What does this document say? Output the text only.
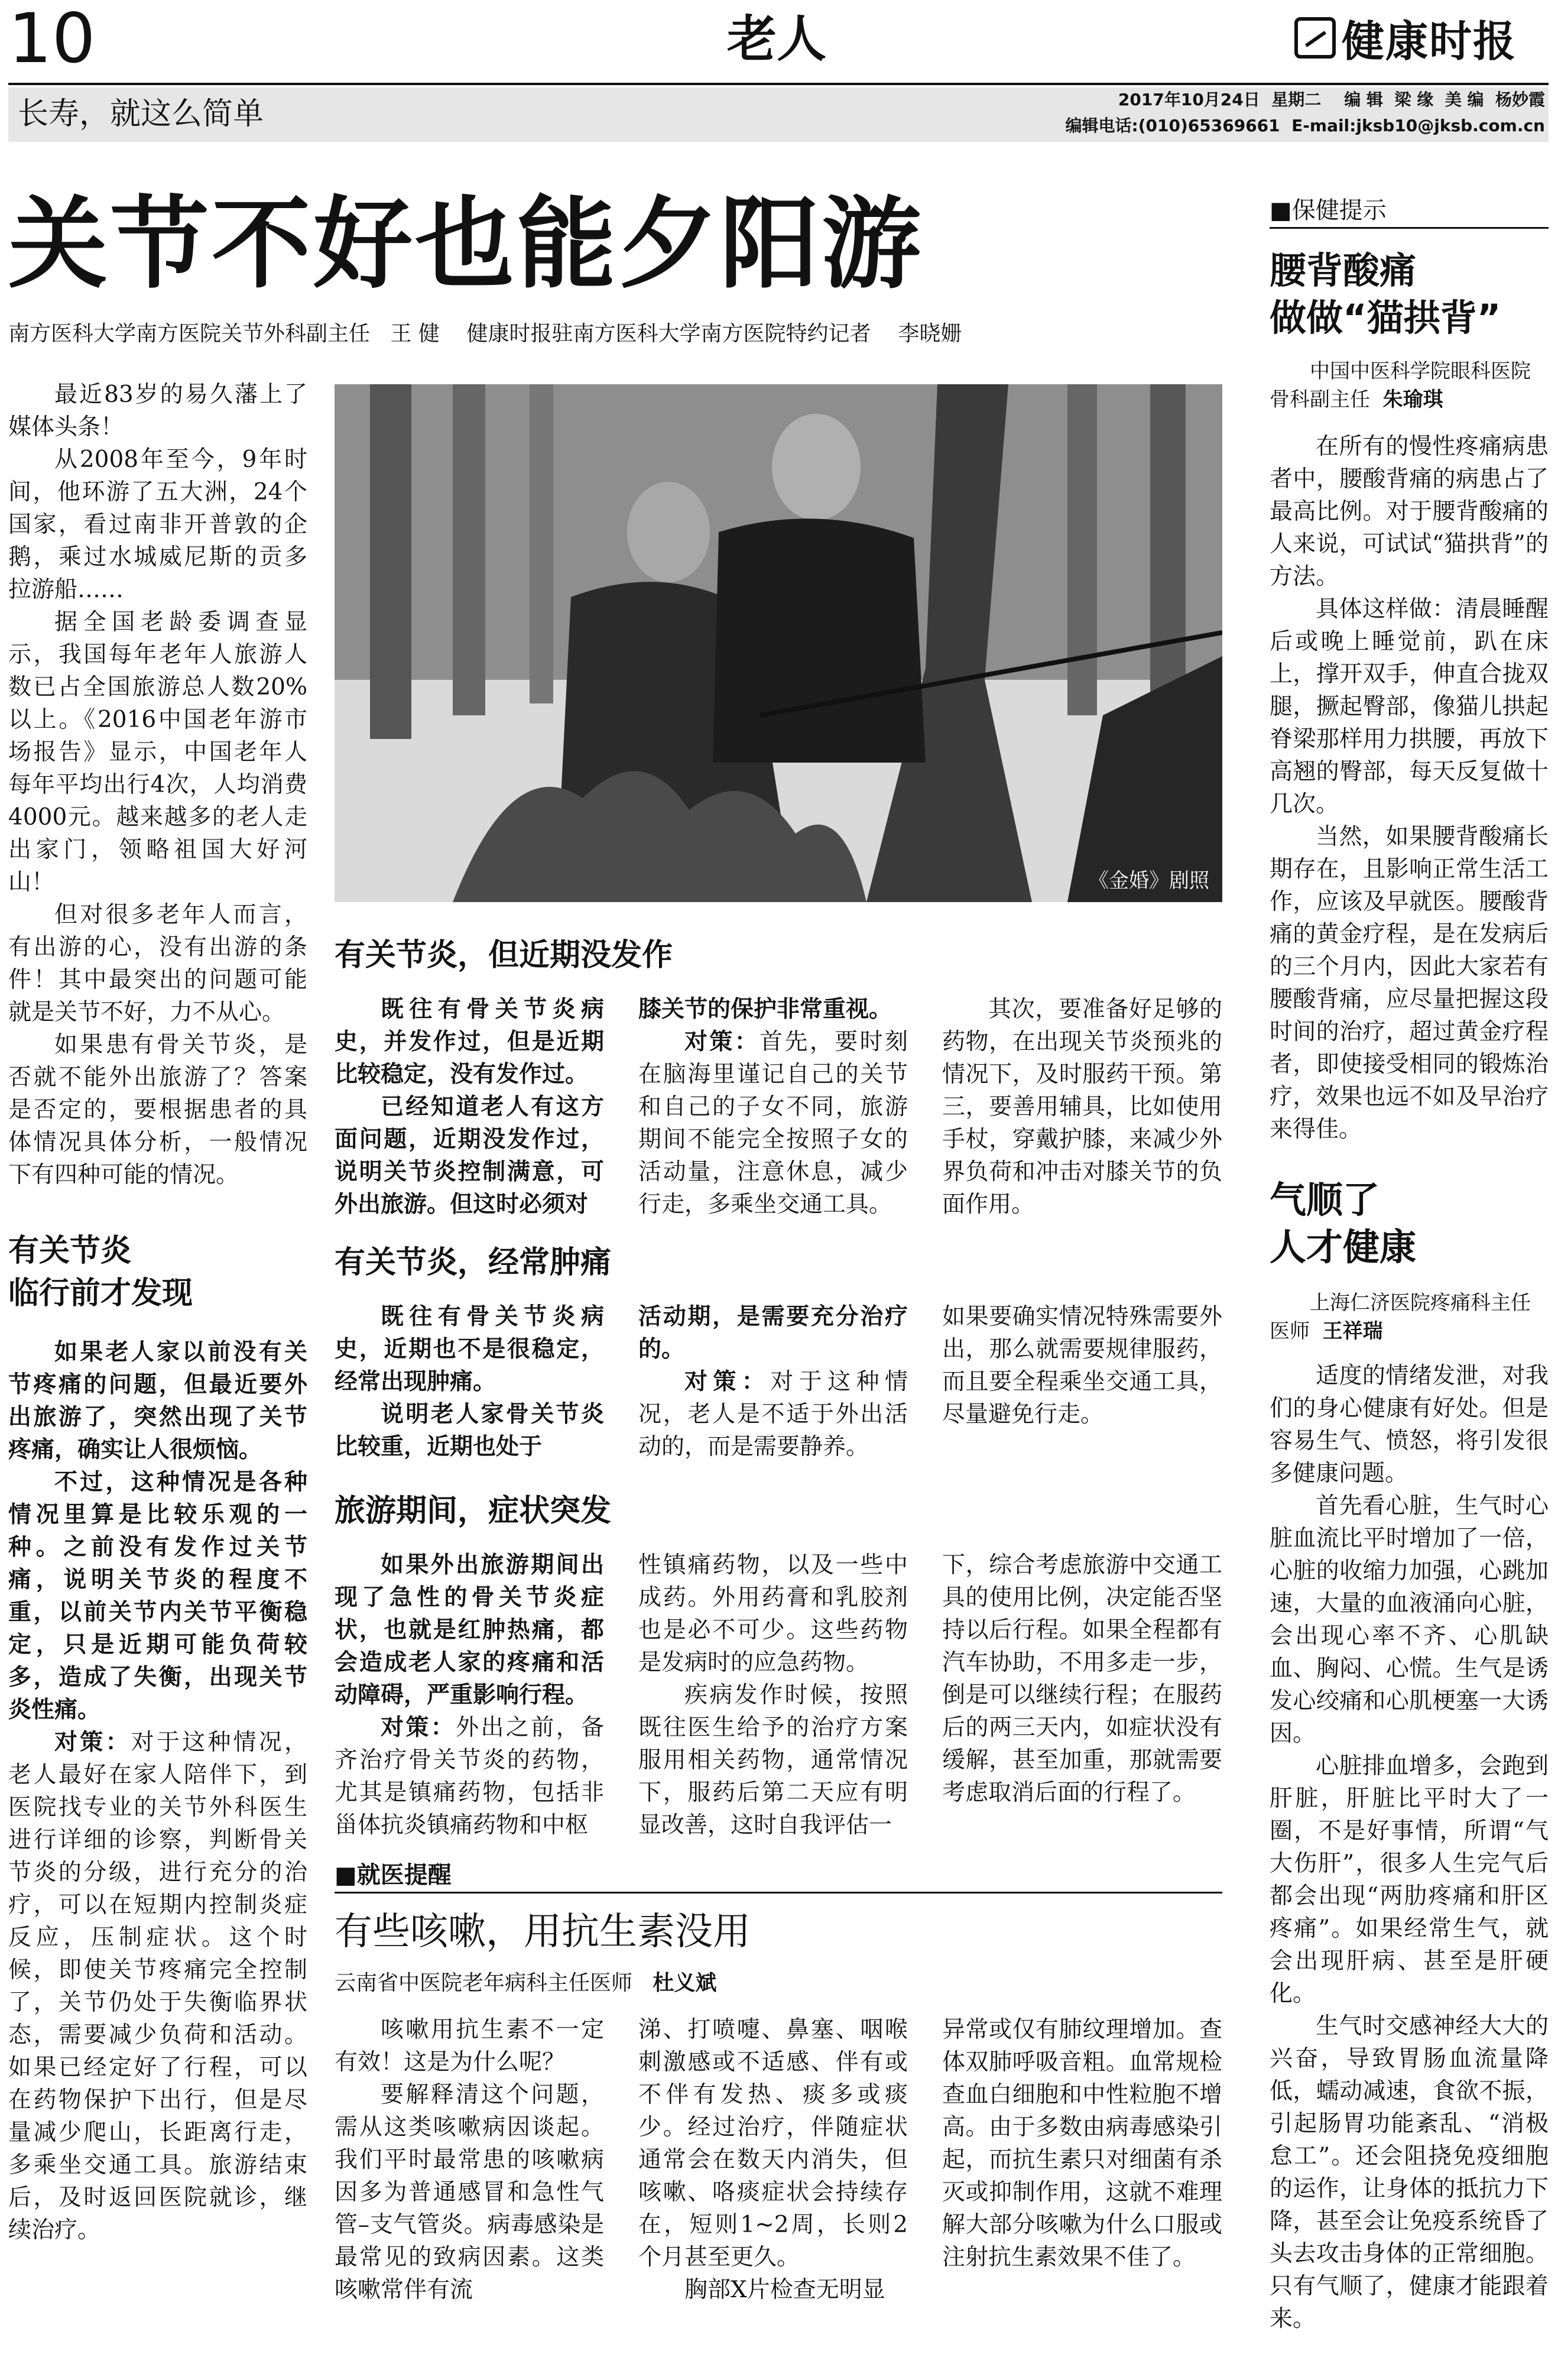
10	老人	健康时报
长寿，就这么简单	2017年10月24日  星期二    编 辑  梁 缘  美 编  杨妙霞
编辑电话:(010)65369661  E-mail:jksb10@jksb.com.cn
关节不好也能夕阳游
南方医科大学南方医院关节外科副主任   王 健    健康时报驻南方医科大学南方医院特约记者    李晓姗
《金婚》剧照

最近83岁的易久藩上了媒体头条！

从2008年至今，9年时间，他环游了五大洲，24个国家，看过南非开普敦的企鹅，乘过水城威尼斯的贡多拉游船……

据全国老龄委调查显示，我国每年老年人旅游人数已占全国旅游总人数20%以上。《2016中国老年游市场报告》显示，中国老年人每年平均出行4次，人均消费4000元。越来越多的老人走出家门，领略祖国大好河山！

但对很多老年人而言，有出游的心，没有出游的条件！其中最突出的问题可能就是关节不好，力不从心。

如果患有骨关节炎，是否就不能外出旅游了？答案是否定的，要根据患者的具体情况具体分析，一般情况下有四种可能的情况。

有关节炎
临行前才发现

如果老人家以前没有关节疼痛的问题，但最近要外出旅游了，突然出现了关节疼痛，确实让人很烦恼。

不过，这种情况是各种情况里算是比较乐观的一种。之前没有发作过关节痛，说明关节炎的程度不重，以前关节内关节平衡稳定，只是近期可能负荷较多，造成了失衡，出现关节炎性痛。

对策：对于这种情况，老人最好在家人陪伴下，到医院找专业的关节外科医生进行详细的诊察，判断骨关节炎的分级，进行充分的治疗，可以在短期内控制炎症反应，压制症状。这个时候，即使关节疼痛完全控制了，关节仍处于失衡临界状态，需要减少负荷和活动。如果已经定好了行程，可以在药物保护下出行，但是尽量减少爬山，长距离行走，多乘坐交通工具。旅游结束后，及时返回医院就诊，继续治疗。

有关节炎，但近期没发作

既往有骨关节炎病史，并发作过，但是近期比较稳定，没有发作过。

已经知道老人有这方面问题，近期没发作过，说明关节炎控制满意，可外出旅游。但这时必须对

膝关节的保护非常重视。

对策：首先，要时刻在脑海里谨记自己的关节和自己的子女不同，旅游期间不能完全按照子女的活动量，注意休息，减少行走，多乘坐交通工具。

其次，要准备好足够的药物，在出现关节炎预兆的情况下，及时服药干预。第三，要善用辅具，比如使用手杖，穿戴护膝，来减少外界负荷和冲击对膝关节的负面作用。

有关节炎，经常肿痛

既往有骨关节炎病史，近期也不是很稳定，经常出现肿痛。

说明老人家骨关节炎比较重，近期也处于

活动期，是需要充分治疗的。

对策：对于这种情况，老人是不适于外出活动的，而是需要静养。

如果要确实情况特殊需要外出，那么就需要规律服药，而且要全程乘坐交通工具，尽量避免行走。

旅游期间，症状突发

如果外出旅游期间出现了急性的骨关节炎症状，也就是红肿热痛，都会造成老人家的疼痛和活动障碍，严重影响行程。

对策：外出之前，备齐治疗骨关节炎的药物，尤其是镇痛药物，包括非甾体抗炎镇痛药物和中枢

性镇痛药物，以及一些中成药。外用药膏和乳胶剂也是必不可少。这些药物是发病时的应急药物。

疾病发作时候，按照既往医生给予的治疗方案服用相关药物，通常情况下，服药后第二天应有明显改善，这时自我评估一

下，综合考虑旅游中交通工具的使用比例，决定能否坚持以后行程。如果全程都有汽车协助，不用多走一步，倒是可以继续行程；在服药后的两三天内，如症状没有缓解，甚至加重，那就需要考虑取消后面的行程了。

■就医提醒
有些咳嗽，用抗生素没用
云南省中医院老年病科主任医师 杜义斌

咳嗽用抗生素不一定有效！这是为什么呢？

要解释清这个问题，需从这类咳嗽病因谈起。我们平时最常患的咳嗽病因多为普通感冒和急性气管–支气管炎。病毒感染是最常见的致病因素。这类咳嗽常伴有流

涕、打喷嚏、鼻塞、咽喉刺激感或不适感、伴有或不伴有发热、痰多或痰少。经过治疗，伴随症状通常会在数天内消失，但咳嗽、咯痰症状会持续存在，短则1~2周，长则2个月甚至更久。

胸部X片检查无明显

异常或仅有肺纹理增加。查体双肺呼吸音粗。血常规检查血白细胞和中性粒胞不增高。由于多数由病毒感染引起，而抗生素只对细菌有杀灭或抑制作用，这就不难理解大部分咳嗽为什么口服或注射抗生素效果不佳了。

■保健提示
腰背酸痛
做做“猫拱背”
中国中医科学院眼科医院骨科副主任 朱瑜琪

在所有的慢性疼痛病患者中，腰酸背痛的病患占了最高比例。对于腰背酸痛的人来说，可试试“猫拱背”的方法。

具体这样做：清晨睡醒后或晚上睡觉前，趴在床上，撑开双手，伸直合拢双腿，撅起臀部，像猫儿拱起脊梁那样用力拱腰，再放下高翘的臀部，每天反复做十几次。

当然，如果腰背酸痛长期存在，且影响正常生活工作，应该及早就医。腰酸背痛的黄金疗程，是在发病后的三个月内，因此大家若有腰酸背痛，应尽量把握这段时间的治疗，超过黄金疗程者，即使接受相同的锻炼治疗，效果也远不如及早治疗来得佳。

气顺了
人才健康
上海仁济医院疼痛科主任医师 王祥瑞

适度的情绪发泄，对我们的身心健康有好处。但是容易生气、愤怒，将引发很多健康问题。

首先看心脏，生气时心脏血流比平时增加了一倍，心脏的收缩力加强，心跳加速，大量的血液涌向心脏，会出现心率不齐、心肌缺血、胸闷、心慌。生气是诱发心绞痛和心肌梗塞一大诱因。

心脏排血增多，会跑到肝脏，肝脏比平时大了一圈，不是好事情，所谓“气大伤肝”，很多人生完气后都会出现“两肋疼痛和肝区疼痛”。如果经常生气，就会出现肝病、甚至是肝硬化。

生气时交感神经大大的兴奋，导致胃肠血流量降低，蠕动减速，食欲不振，引起肠胃功能紊乱、“消极怠工”。还会阻挠免疫细胞的运作，让身体的抵抗力下降，甚至会让免疫系统昏了头去攻击身体的正常细胞。只有气顺了，健康才能跟着来。
